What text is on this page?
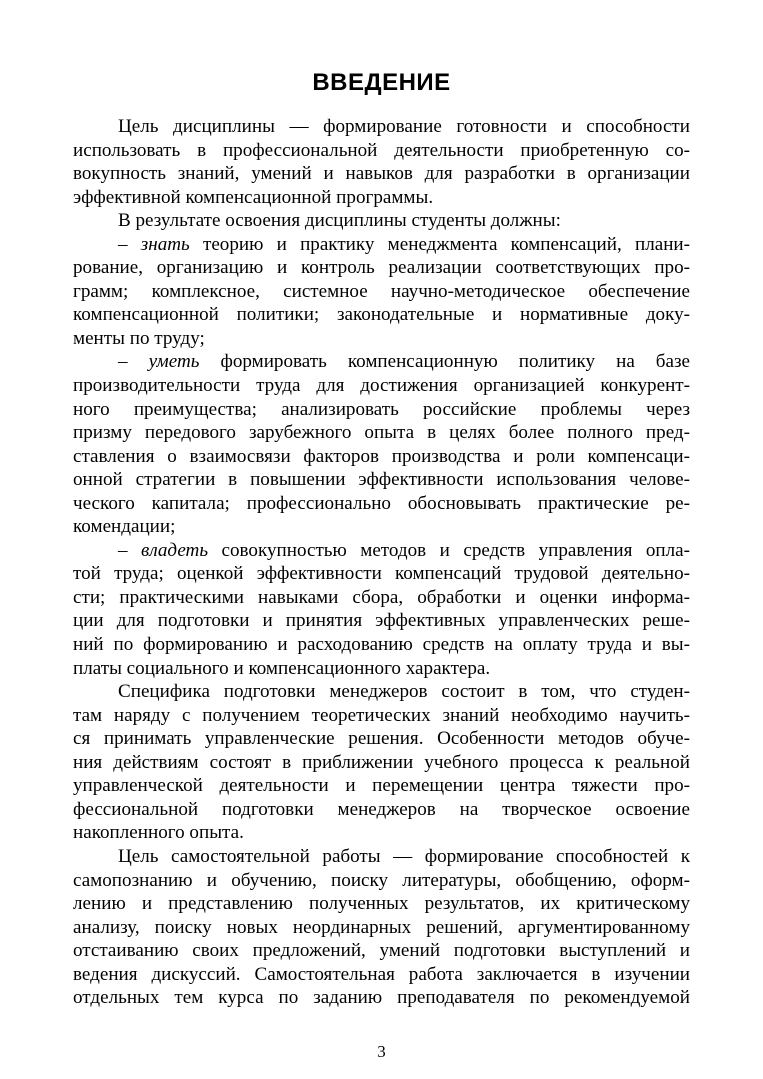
ВВЕДЕНИЕ
Цель дисциплины — формирование готовности и способности
использовать в профессиональной деятельности приобретенную со-
вокупность знаний, умений и навыков для разработки в организации
эффективной компенсационной программы.
В результате освоения дисциплины студенты должны:
– знать теорию и практику менеджмента компенсаций, плани-
рование, организацию и контроль реализации соответствующих про-
грамм; комплексное, системное научно-методическое обеспечение
компенсационной политики; законодательные и нормативные доку-
менты по труду;
– уметь формировать компенсационную политику на базе
производительности труда для достижения организацией конкурент-
ного преимущества; анализировать российские проблемы через
призму передового зарубежного опыта в целях более полного пред-
ставления о взаимосвязи факторов производства и роли компенсаци-
онной стратегии в повышении эффективности использования челове-
ческого капитала; профессионально обосновывать практические ре-
комендации;
– владеть совокупностью методов и средств управления опла-
той труда; оценкой эффективности компенсаций трудовой деятельно-
сти; практическими навыками сбора, обработки и оценки информа-
ции для подготовки и принятия эффективных управленческих реше-
ний по формированию и расходованию средств на оплату труда и вы-
платы социального и компенсационного характера.
Специфика подготовки менеджеров состоит в том, что студен-
там наряду с получением теоретических знаний необходимо научить-
ся принимать управленческие решения. Особенности методов обуче-
ния действиям состоят в приближении учебного процесса к реальной
управленческой деятельности и перемещении центра тяжести про-
фессиональной подготовки менеджеров на творческое освоение
накопленного опыта.
Цель самостоятельной работы — формирование способностей к
самопознанию и обучению, поиску литературы, обобщению, оформ-
лению и представлению полученных результатов, их критическому
анализу, поиску новых неординарных решений, аргументированному
отстаиванию своих предложений, умений подготовки выступлений и
ведения дискуссий. Самостоятельная работа заключается в изучении
отдельных тем курса по заданию преподавателя по рекомендуемой
3
